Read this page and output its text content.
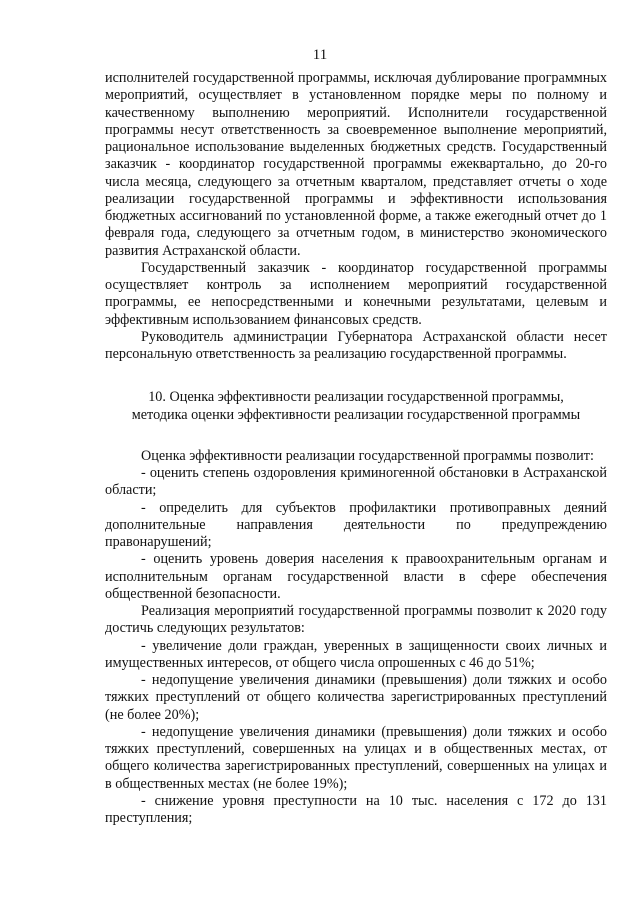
11

исполнителей государственной программы, исключая дублирование программных мероприятий, осуществляет в установленном порядке меры по полному и качественному выполнению мероприятий. Исполнители государственной программы несут ответственность за своевременное выполнение мероприятий, рациональное использование выделенных бюджетных средств. Государственный заказчик - координатор государственной программы ежеквартально, до 20-го числа месяца, следующего за отчетным кварталом, представляет отчеты о ходе реализации государственной программы и эффективности использования бюджетных ассигнований по установленной форме, а также ежегодный отчет до 1 февраля года, следующего за отчетным годом, в министерство экономического развития Астраханской области.

Государственный заказчик - координатор государственной программы осуществляет контроль за исполнением мероприятий государственной программы, ее непосредственными и конечными результатами, целевым и эффективным использованием финансовых средств.

Руководитель администрации Губернатора Астраханской области несет персональную ответственность за реализацию государственной программы.

10. Оценка эффективности реализации государственной программы,

методика оценки эффективности реализации государственной программы

Оценка эффективности реализации государственной программы позволит:

- оценить степень оздоровления криминогенной обстановки в Астраханской области;

- определить для субъектов профилактики противоправных деяний дополнительные направления деятельности по предупреждению правонарушений;

- оценить уровень доверия населения к правоохранительным органам и исполнительным органам государственной власти в сфере обеспечения общественной безопасности.

Реализация мероприятий государственной программы позволит к 2020 году достичь следующих результатов:

- увеличение доли граждан, уверенных в защищенности своих личных и имущественных интересов, от общего числа опрошенных с 46 до 51%;

- недопущение увеличения динамики (превышения) доли тяжких и особо тяжких преступлений от общего количества зарегистрированных преступлений (не более 20%);

- недопущение увеличения динамики (превышения) доли тяжких и особо тяжких преступлений, совершенных на улицах и в общественных местах, от общего количества зарегистрированных преступлений, совершенных на улицах и в общественных местах (не более 19%);

- снижение уровня преступности на 10 тыс. населения с 172 до 131 преступления;
